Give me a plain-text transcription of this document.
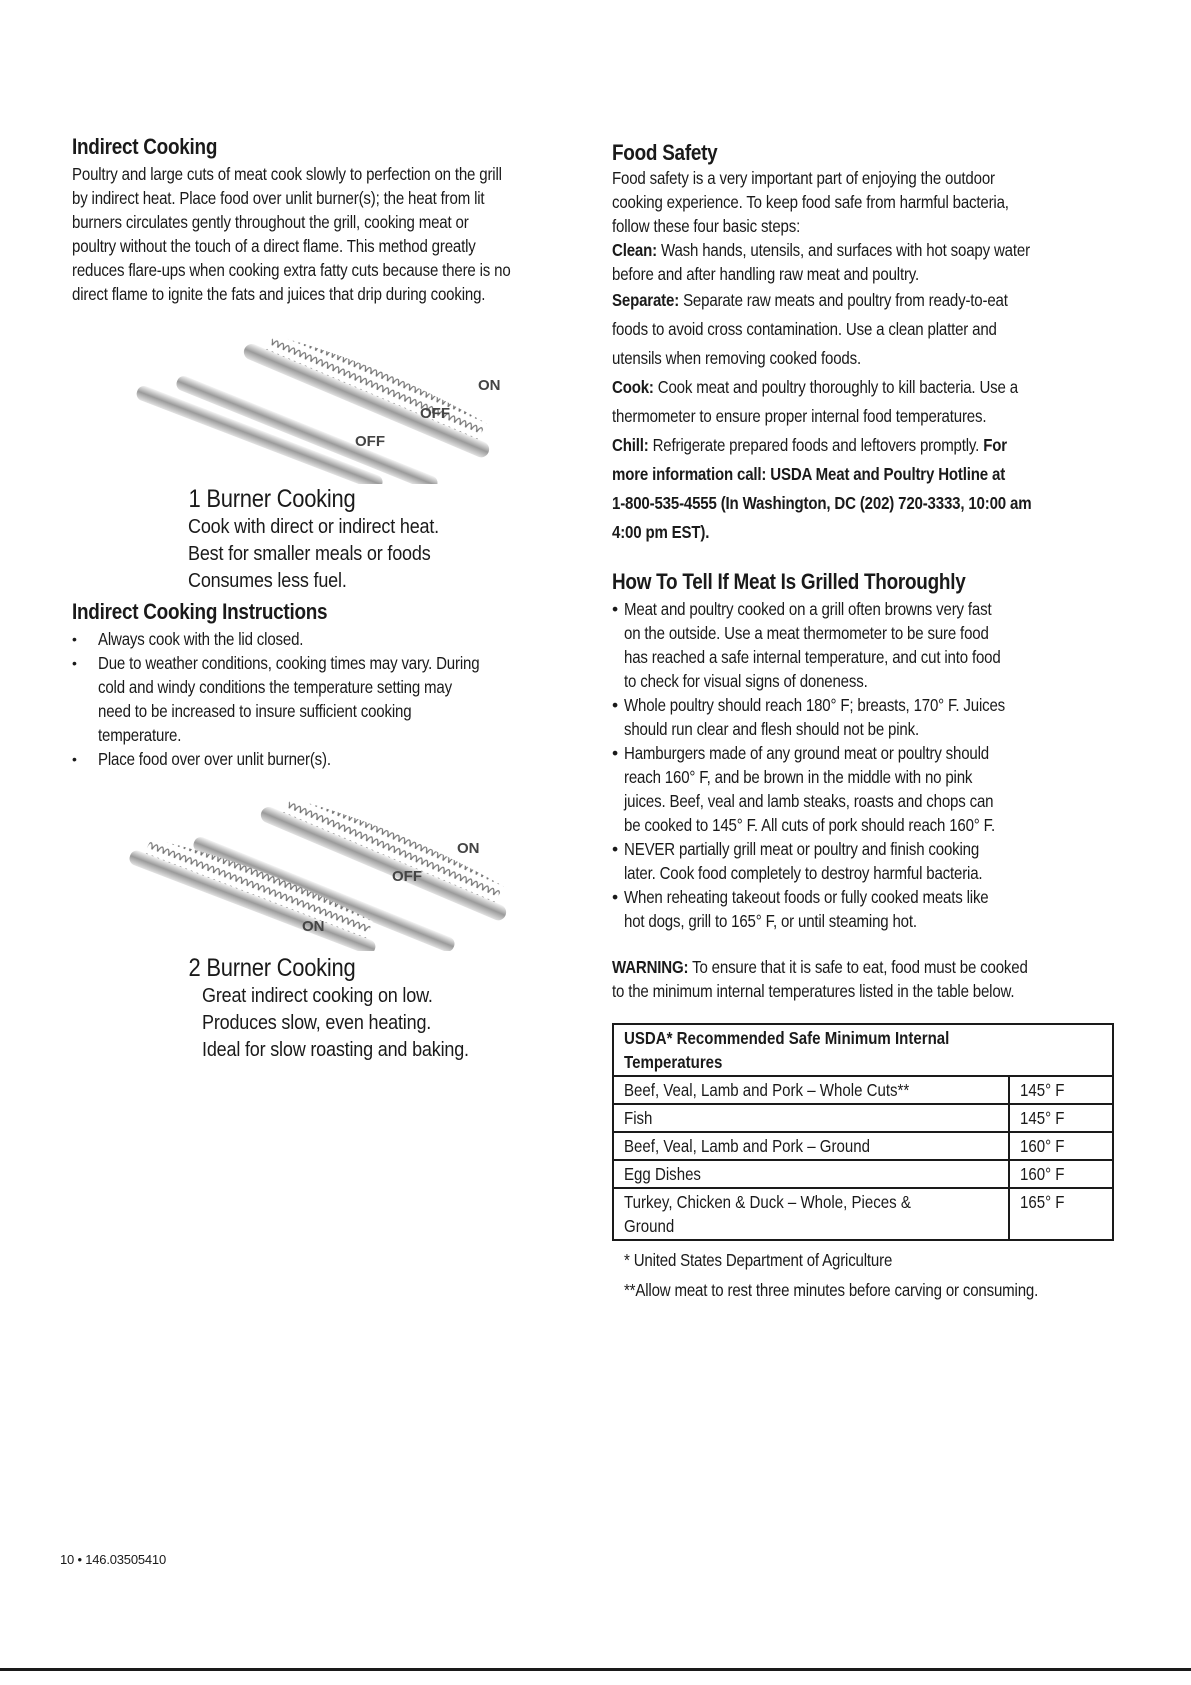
Indirect Cooking

Poultry and large cuts of meat cook slowly to perfection on the grill

by indirect heat. Place food over unlit burner(s); the heat from lit

burners circulates gently throughout the grill, cooking meat or

poultry without the touch of a direct flame. This method greatly

reduces flare-ups when cooking extra fatty cuts because there is no

direct flame to ignite the fats and juices that drip during cooking.

ON
OFF
OFF
1 Burner Cooking

Cook with direct or indirect heat.

Best for smaller meals or foods

Consumes less fuel.

Indirect Cooking Instructions
• Always cook with the lid closed.
• Due to weather conditions, cooking times may vary. During
cold and windy conditions the temperature setting may
need to be increased to insure sufficient cooking
temperature.
• Place food over over unlit burner(s).
ON
OFF
ON
2 Burner Cooking

Great indirect cooking on low.

Produces slow, even heating.

Ideal for slow roasting and baking.

Food Safety

Food safety is a very important part of enjoying the outdoor

cooking experience. To keep food safe from harmful bacteria,

follow these four basic steps:

Clean: Wash hands, utensils, and surfaces with hot soapy water

before and after handling raw meat and poultry.

Separate: Separate raw meats and poultry from ready-to-eat

foods to avoid cross contamination. Use a clean platter and

utensils when removing cooked foods.

Cook: Cook meat and poultry thoroughly to kill bacteria. Use a

thermometer to ensure proper internal food temperatures.

Chill: Refrigerate prepared foods and leftovers promptly. For

more information call: USDA Meat and Poultry Hotline at

1-800-535-4555 (In Washington, DC (202) 720-3333, 10:00 am

4:00 pm EST).

How To Tell If Meat Is Grilled Thoroughly
• Meat and poultry cooked on a grill often browns very fast
on the outside. Use a meat thermometer to be sure food
has reached a safe internal temperature, and cut into food
to check for visual signs of doneness.
• Whole poultry should reach 180° F; breasts, 170° F. Juices
should run clear and flesh should not be pink.
• Hamburgers made of any ground meat or poultry should
reach 160° F, and be brown in the middle with no pink
juices. Beef, veal and lamb steaks, roasts and chops can
be cooked to 145° F. All cuts of pork should reach 160° F.
• NEVER partially grill meat or poultry and finish cooking
later. Cook food completely to destroy harmful bacteria.
• When reheating takeout foods or fully cooked meats like
hot dogs, grill to 165° F, or until steaming hot.

WARNING: To ensure that it is safe to eat, food must be cooked

to the minimum internal temperatures listed in the table below.

USDA* Recommended Safe Minimum Internal
Temperatures	

Beef, Veal, Lamb and Pork – Whole Cuts**	145° F

Fish	145° F

Beef, Veal, Lamb and Pork – Ground	160° F

Egg Dishes	160° F

Turkey, Chicken & Duck – Whole, Pieces &
Ground	165° F

* United States Department of Agriculture

**Allow meat to rest three minutes before carving or consuming.

10 • 146.03505410
